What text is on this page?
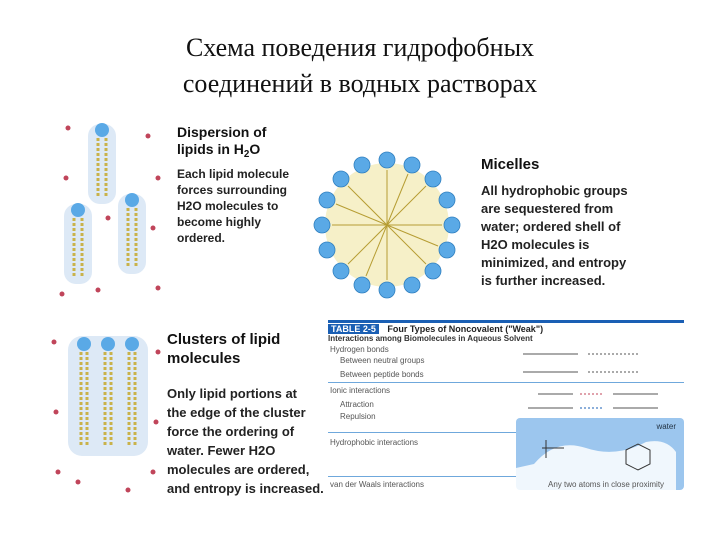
Схема поведения гидрофобных
соединений в водных растворах
Dispersion of
lipids in $H_2O$
Each lipid molecule
forces surrounding
H2O molecules to
become highly
ordered.
Micelles
All hydrophobic groups
are sequestered from
water; ordered shell of
H2O molecules is
minimized, and entropy
is further increased.
Clusters of lipid
molecules
Only lipid portions at
the edge of the cluster
force the ordering of
water. Fewer H2O
molecules are ordered,
and entropy is increased.
TABLE 2-5 Four Types of Noncovalent ("Weak")
Interactions among Biomolecules in Aqueous Solvent
Hydrogen bonds
Between neutral groups
Between peptide bonds
Ionic interactions
Attraction
Repulsion
Hydrophobic interactions
van der Waals interactions
water
Any two atoms in close proximity
